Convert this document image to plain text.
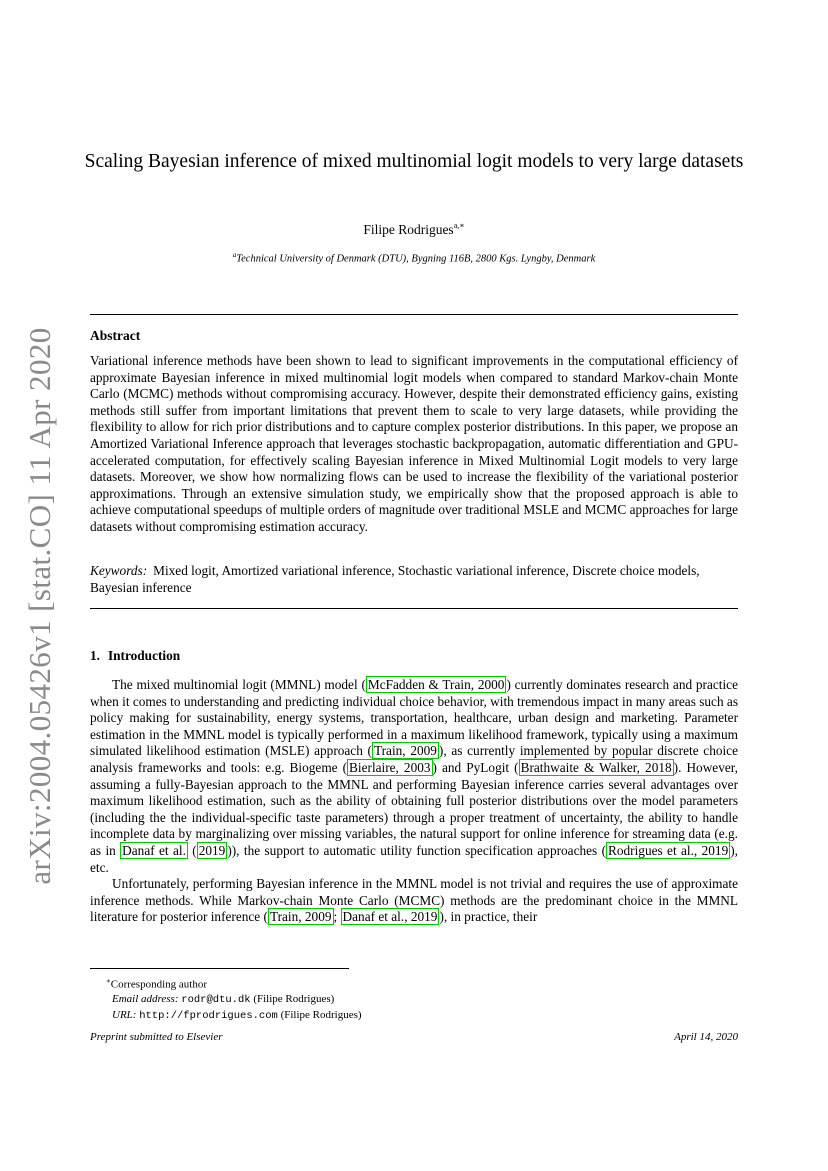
arXiv:2004.05426v1 [stat.CO] 11 Apr 2020
Scaling Bayesian inference of mixed multinomial logit models to very large datasets
Filipe Rodrigues$^{a,∗}$
$^a$Technical University of Denmark (DTU), Bygning 116B, 2800 Kgs. Lyngby, Denmark
Abstract
Variational inference methods have been shown to lead to significant improvements in the computational efficiency of approximate Bayesian inference in mixed multinomial logit models when compared to standard Markov-chain Monte Carlo (MCMC) methods without compromising accuracy. However, despite their demonstrated efficiency gains, existing methods still suffer from important limitations that prevent them to scale to very large datasets, while providing the flexibility to allow for rich prior distributions and to capture complex posterior distributions. In this paper, we propose an Amortized Variational Inference approach that leverages stochastic backpropagation, automatic differentiation and GPU-accelerated computation, for effectively scaling Bayesian inference in Mixed Multinomial Logit models to very large datasets. Moreover, we show how normalizing flows can be used to increase the flexibility of the variational posterior approximations. Through an extensive simulation study, we empirically show that the proposed approach is able to achieve computational speedups of multiple orders of magnitude over traditional MSLE and MCMC approaches for large datasets without compromising estimation accuracy.
Keywords: Mixed logit, Amortized variational inference, Stochastic variational inference, Discrete choice models, Bayesian inference
1. Introduction

The mixed multinomial logit (MMNL) model ( McFadden & Train, 2000 ) currently dominates research and practice when it comes to understanding and predicting individual choice behavior, with tremendous impact in many areas such as policy making for sustainability, energy systems, transportation, healthcare, urban design and marketing. Parameter estimation in the MMNL model is typically performed in a maximum likelihood framework, typically using a maximum simulated likelihood estimation (MSLE) approach ( Train, 2009 ), as currently implemented by popular discrete choice analysis frameworks and tools: e.g. Biogeme ( Bierlaire, 2003 ) and PyLogit ( Brathwaite & Walker, 2018 ). However, assuming a fully-Bayesian approach to the MMNL and performing Bayesian inference carries several advantages over maximum likelihood estimation, such as the ability of obtaining full posterior distributions over the model parameters (including the the individual-specific taste parameters) through a proper treatment of uncertainty, the ability to handle incomplete data by marginalizing over missing variables, the natural support for online inference for streaming data (e.g. as in Danaf et al. ( 2019 )), the support to automatic utility function specification approaches ( Rodrigues et al., 2019 ), etc.

Unfortunately, performing Bayesian inference in the MMNL model is not trivial and requires the use of approximate inference methods. While Markov-chain Monte Carlo (MCMC) methods are the predominant choice in the MMNL literature for posterior inference ( Train, 2009 ; Danaf et al., 2019 ), in practice, their

∗Corresponding author
Email address: rodr@dtu.dk (Filipe Rodrigues)
URL: http://fprodrigues.com (Filipe Rodrigues)
Preprint submitted to Elsevier	April 14, 2020
